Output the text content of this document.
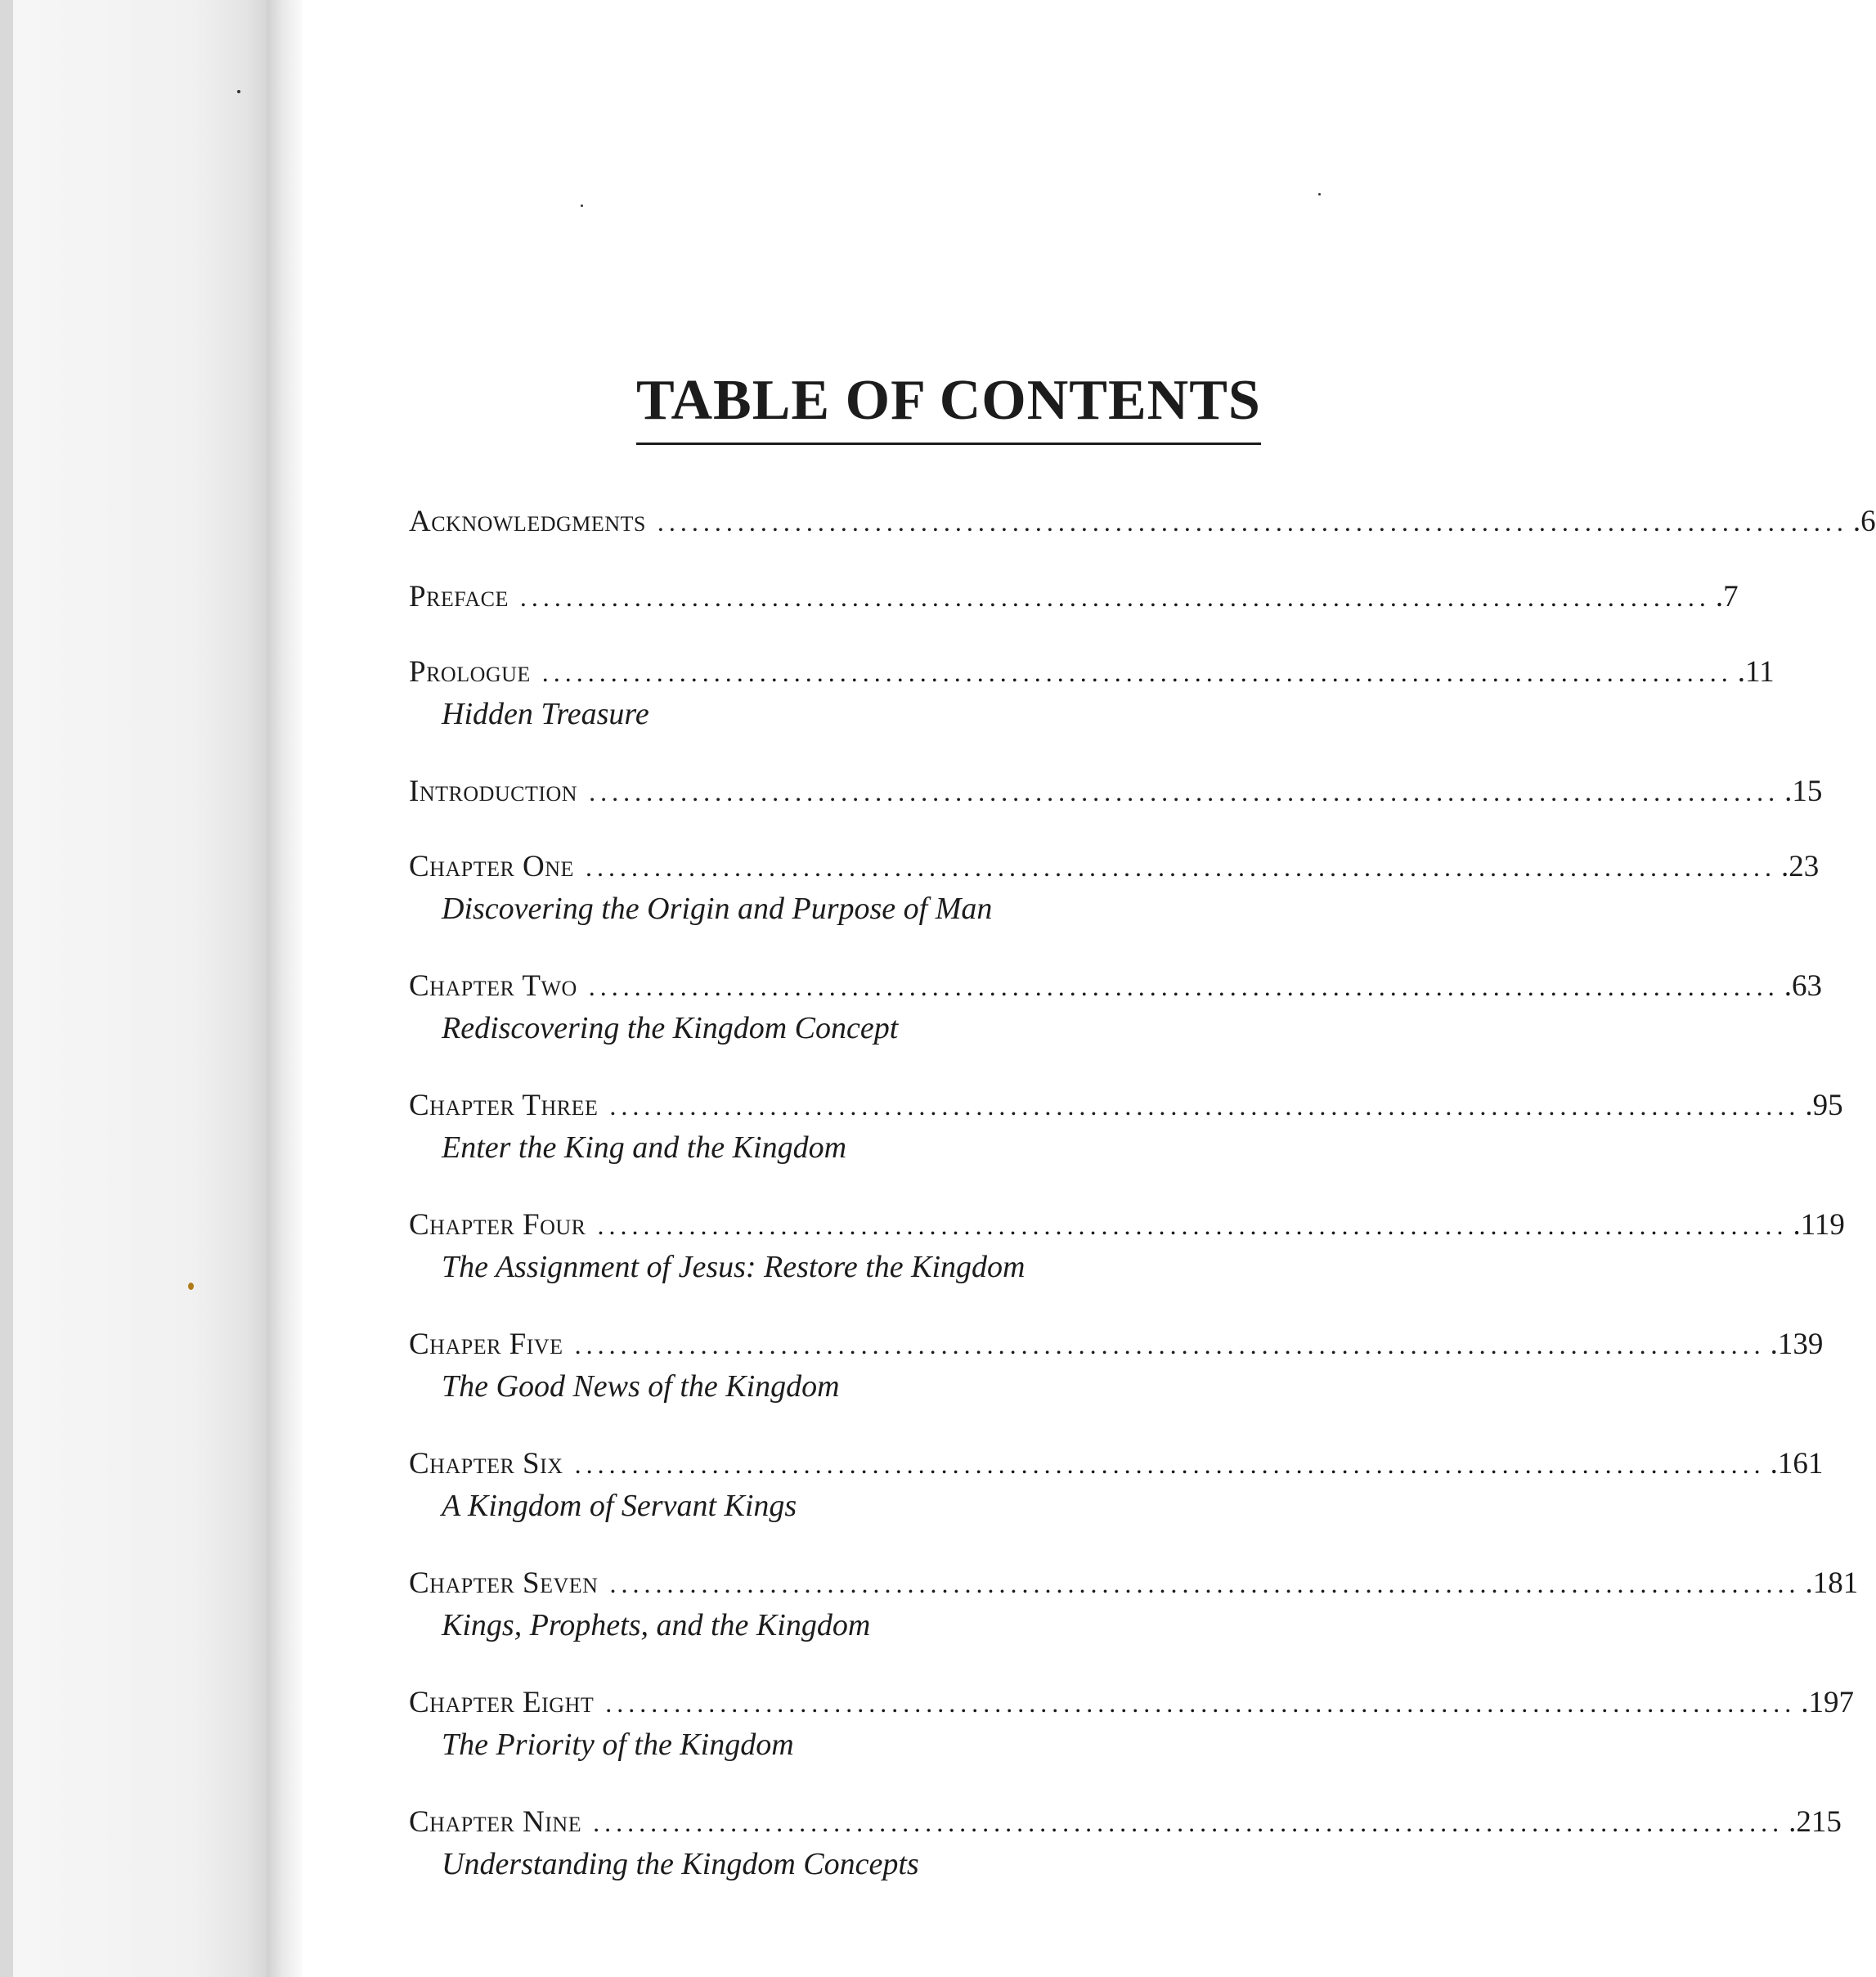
TABLE OF CONTENTS
Acknowledgments ........................................................................................................ .6
Preface ........................................................................................................ .7
Prologue ........................................................................................................ .11
Hidden Treasure
Introduction ........................................................................................................ .15
Chapter One ........................................................................................................ .23
Discovering the Origin and Purpose of Man
Chapter Two ........................................................................................................ .63
Rediscovering the Kingdom Concept
Chapter Three ........................................................................................................ .95
Enter the King and the Kingdom
Chapter Four ........................................................................................................ .119
The Assignment of Jesus: Restore the Kingdom
Chaper Five ........................................................................................................ .139
The Good News of the Kingdom
Chapter Six ........................................................................................................ .161
A Kingdom of Servant Kings
Chapter Seven ........................................................................................................ .181
Kings, Prophets, and the Kingdom
Chapter Eight ........................................................................................................ .197
The Priority of the Kingdom
Chapter Nine ........................................................................................................ .215
Understanding the Kingdom Concepts
